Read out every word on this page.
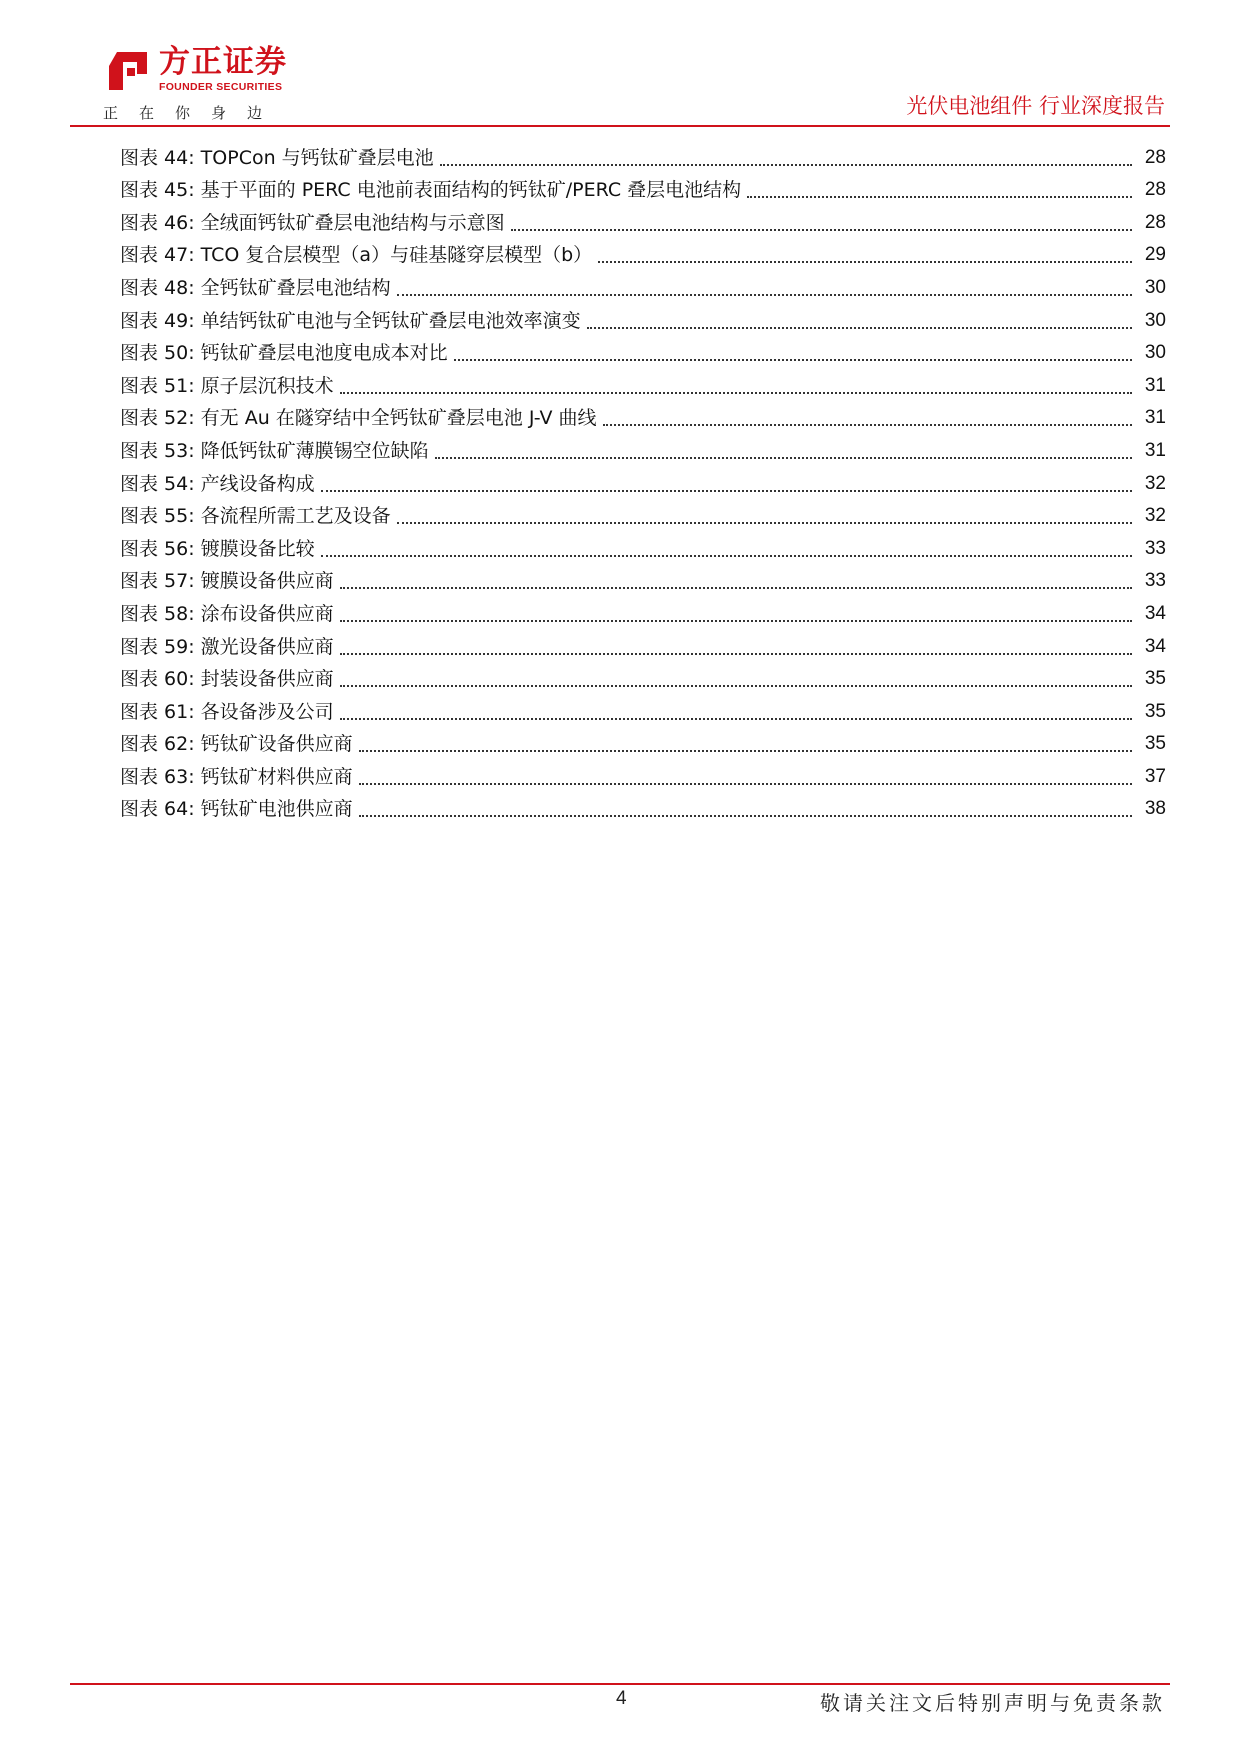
方正证券
FOUNDER SECURITIES
正在你身边	光伏电池组件 行业深度报告
图表 44: TOPCon 与钙钛矿叠层电池	28
图表 45: 基于平面的 PERC 电池前表面结构的钙钛矿/PERC 叠层电池结构	28
图表 46: 全绒面钙钛矿叠层电池结构与示意图	28
图表 47: TCO 复合层模型（a）与硅基隧穿层模型（b）	29
图表 48: 全钙钛矿叠层电池结构	30
图表 49: 单结钙钛矿电池与全钙钛矿叠层电池效率演变	30
图表 50: 钙钛矿叠层电池度电成本对比	30
图表 51: 原子层沉积技术	31
图表 52: 有无 Au 在隧穿结中全钙钛矿叠层电池 J-V 曲线	31
图表 53: 降低钙钛矿薄膜锡空位缺陷	31
图表 54: 产线设备构成	32
图表 55: 各流程所需工艺及设备	32
图表 56: 镀膜设备比较	33
图表 57: 镀膜设备供应商	33
图表 58: 涂布设备供应商	34
图表 59: 激光设备供应商	34
图表 60: 封装设备供应商	35
图表 61: 各设备涉及公司	35
图表 62: 钙钛矿设备供应商	35
图表 63: 钙钛矿材料供应商	37
图表 64: 钙钛矿电池供应商	38
4	敬请关注文后特别声明与免责条款
